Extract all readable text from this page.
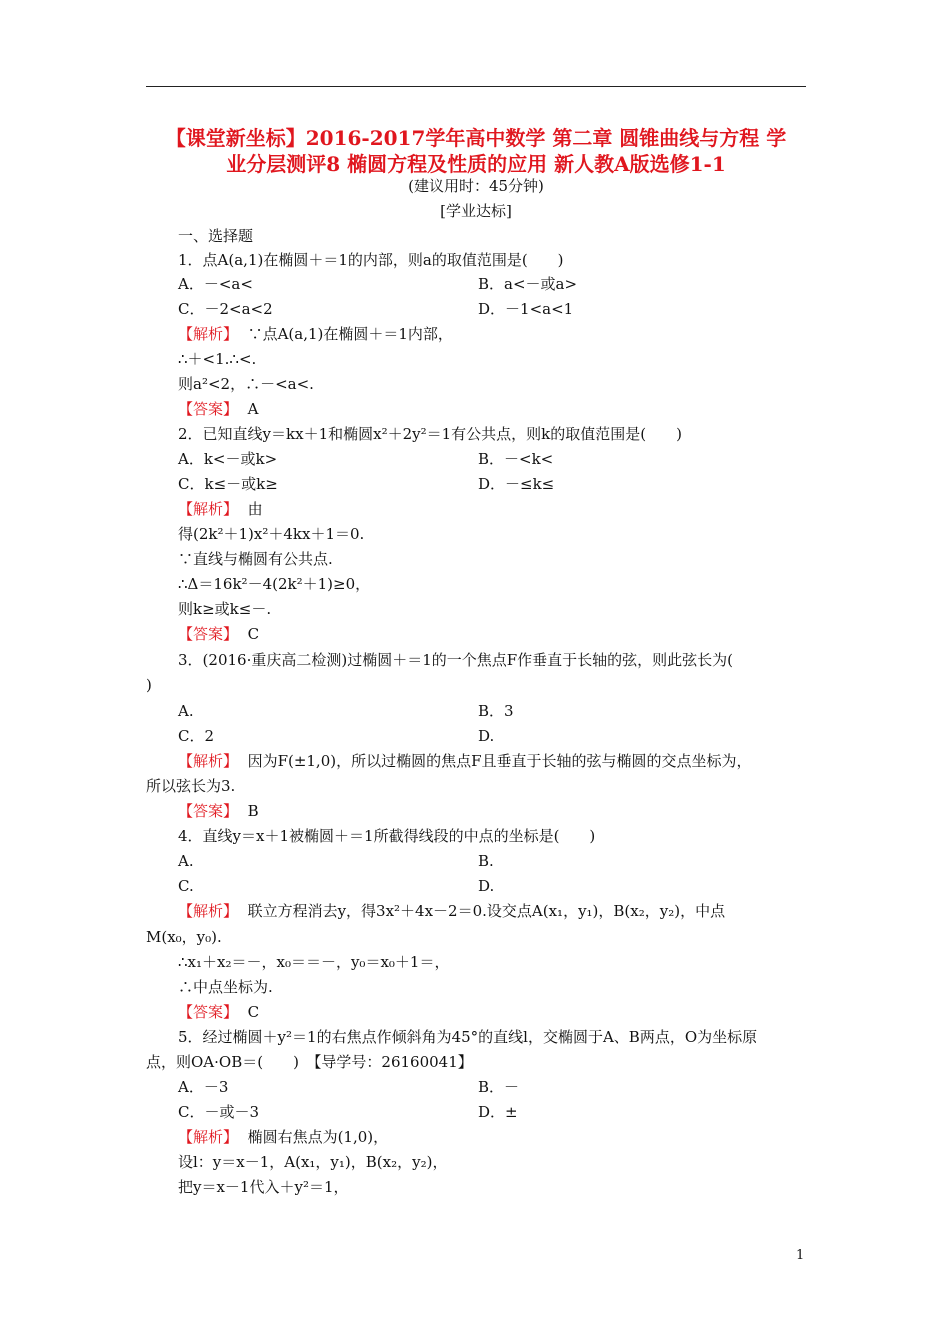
【课堂新坐标】2016-2017学年高中数学 第二章 圆锥曲线与方程 学
业分层测评8 椭圆方程及性质的应用 新人教A版选修1-1
(建议用时：45分钟)
[学业达标]
一、选择题
1．点A(a,1)在椭圆＋＝1的内部，则a的取值范围是(　　)
A．－<a<	B．a<－或a>
C．－2<a<2	D．－1<a<1
【解析】 ∵点A(a,1)在椭圆＋＝1内部，
∴＋<1.∴<.
则a²<2，∴－<a<.
【答案】 A
2．已知直线y＝kx＋1和椭圆x²＋2y²＝1有公共点，则k的取值范围是(　　)
A．k<－或k>	B．－<k<
C．k≤－或k≥	D．－≤k≤
【解析】 由
得(2k²＋1)x²＋4kx＋1＝0.
∵直线与椭圆有公共点.
∴Δ＝16k²－4(2k²＋1)≥0，
则k≥或k≤－.
【答案】 C
3．(2016·重庆高二检测)过椭圆＋＝1的一个焦点F作垂直于长轴的弦，则此弦长为(
)
A.	B．3
C．2	D.
【解析】 因为F(±1,0)，所以过椭圆的焦点F且垂直于长轴的弦与椭圆的交点坐标为，
所以弦长为3.
【答案】 B
4．直线y＝x＋1被椭圆＋＝1所截得线段的中点的坐标是(　　)
A.	B.
C.	D.
【解析】 联立方程消去y，得3x²＋4x－2＝0.设交点A(x₁，y₁)，B(x₂，y₂)，中点
M(x₀，y₀).
∴x₁＋x₂＝－，x₀＝＝－，y₀＝x₀＋1＝，
∴中点坐标为.
【答案】 C
5．经过椭圆＋y²＝1的右焦点作倾斜角为45°的直线l，交椭圆于A、B两点，O为坐标原
点，则OA·OB＝(　　)　【导学号：26160041】
A．－3	B．－
C．－或－3	D．±
【解析】 椭圆右焦点为(1,0)，
设l：y＝x－1，A(x₁，y₁)，B(x₂，y₂)，
把y＝x－1代入＋y²＝1，
1
